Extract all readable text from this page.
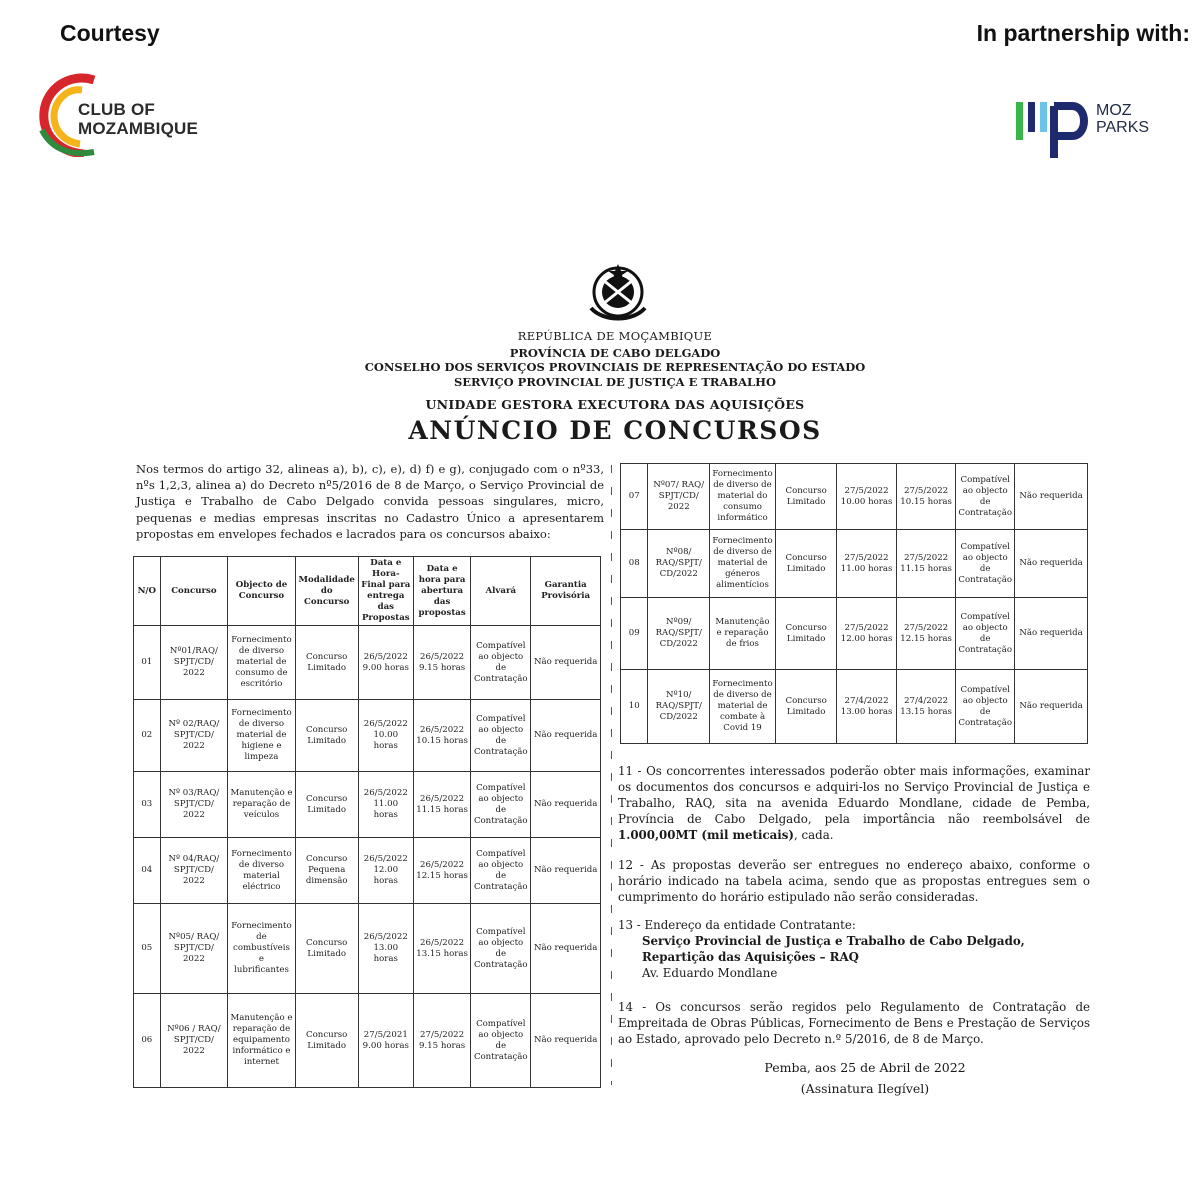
Courtesy	In partnership with:
CLUB OF
MOZAMBIQUE
MOZ
PARKS
REPÚBLICA DE MOÇAMBIQUE
PROVÍNCIA DE CABO DELGADO
CONSELHO DOS SERVIÇOS PROVINCIAIS DE REPRESENTAÇÃO DO ESTADO
SERVIÇO PROVINCIAL DE JUSTIÇA E TRABALHO
UNIDADE GESTORA EXECUTORA DAS AQUISIÇÕES
ANÚNCIO DE CONCURSOS
Nos termos do artigo 32, alineas a), b), c), e), d) f) e g), conjugado com o nº33, nºs 1,2,3, alinea a) do Decreto nº5/2016 de 8 de Março, o Serviço Provincial de Justiça e Trabalho de Cabo Delgado convida pessoas singulares, micro, pequenas e medias empresas inscritas no Cadastro Único a apresentarem propostas em envelopes fechados e lacrados para os concursos abaixo:
N/O	Concurso	Objecto de Concurso	Modalidade do Concurso	Data e Hora-Final para entrega das Propostas	Data e hora para abertura das propostas	Alvará	Garantia Provisória
01	Nº01/RAQ/ SPJT/CD/ 2022	Fornecimento de diverso material de consumo de escritório	Concurso Limitado	26/5/2022 9.00 horas	26/5/2022 9.15 horas	Compatível ao objecto de Contratação	Não requerida
02	Nº 02/RAQ/ SPJT/CD/ 2022	Fornecimento de diverso material de higiene e limpeza	Concurso Limitado	26/5/2022 10.00 horas	26/5/2022 10.15 horas	Compatível ao objecto de Contratação	Não requerida
03	Nº 03/RAQ/ SPJT/CD/ 2022	Manutenção e reparação de veículos	Concurso Limitado	26/5/2022 11.00 horas	26/5/2022 11.15 horas	Compatível ao objecto de Contratação	Não requerida
04	Nº 04/RAQ/ SPJT/CD/ 2022	Fornecimento de diverso material eléctrico	Concurso Pequena dimensão	26/5/2022 12.00 horas	26/5/2022 12.15 horas	Compatível ao objecto de Contratação	Não requerida
05	Nº05/ RAQ/ SPJT/CD/ 2022	Fornecimento de combustíveis e lubrificantes	Concurso Limitado	26/5/2022 13.00 horas	26/5/2022 13.15 horas	Compatível ao objecto de Contratação	Não requerida
06	Nº06 / RAQ/ SPJT/CD/ 2022	Manutenção e reparação de equipamento informático e internet	Concurso Limitado	27/5/2021 9.00 horas	27/5/2022 9.15 horas	Compatível ao objecto de Contratação	Não requerida
07	Nº07/ RAQ/ SPJT/CD/ 2022	Fornecimento de diverso de material do consumo informático	Concurso Limitado	27/5/2022 10.00 horas	27/5/2022 10.15 horas	Compatível ao objecto de Contratação	Não requerida
08	Nº08/ RAQ/SPJT/ CD/2022	Fornecimento de diverso de material de géneros alimentícios	Concurso Limitado	27/5/2022 11.00 horas	27/5/2022 11.15 horas	Compatível ao objecto de Contratação	Não requerida
09	Nº09/ RAQ/SPJT/ CD/2022	Manutenção e reparação de frios	Concurso Limitado	27/5/2022 12.00 horas	27/5/2022 12.15 horas	Compatível ao objecto de Contratação	Não requerida
10	Nº10/ RAQ/SPJT/ CD/2022	Fornecimento de diverso de material de combate à Covid 19	Concurso Limitado	27/4/2022 13.00 horas	27/4/2022 13.15 horas	Compatível ao objecto de Contratação	Não requerida
11 - Os concorrentes interessados poderão obter mais informações, examinar os documentos dos concursos e adquiri-los no Serviço Provincial de Justiça e Trabalho, RAQ, sita na avenida Eduardo Mondlane, cidade de Pemba, Província de Cabo Delgado, pela importância não reembolsável de 1.000,00MT (mil meticais), cada.
12 - As propostas deverão ser entregues no endereço abaixo, conforme o horário indicado na tabela acima, sendo que as propostas entregues sem o cumprimento do horário estipulado não serão consideradas.
13 - Endereço da entidade Contratante:
Serviço Provincial de Justiça e Trabalho de Cabo Delgado,
Repartição das Aquisições – RAQ
Av. Eduardo Mondlane
14 - Os concursos serão regidos pelo Regulamento de Contratação de Empreitada de Obras Públicas, Fornecimento de Bens e Prestação de Serviços ao Estado, aprovado pelo Decreto n.º 5/2016, de 8 de Março.
Pemba, aos 25 de Abril de 2022
(Assinatura Ilegível)
